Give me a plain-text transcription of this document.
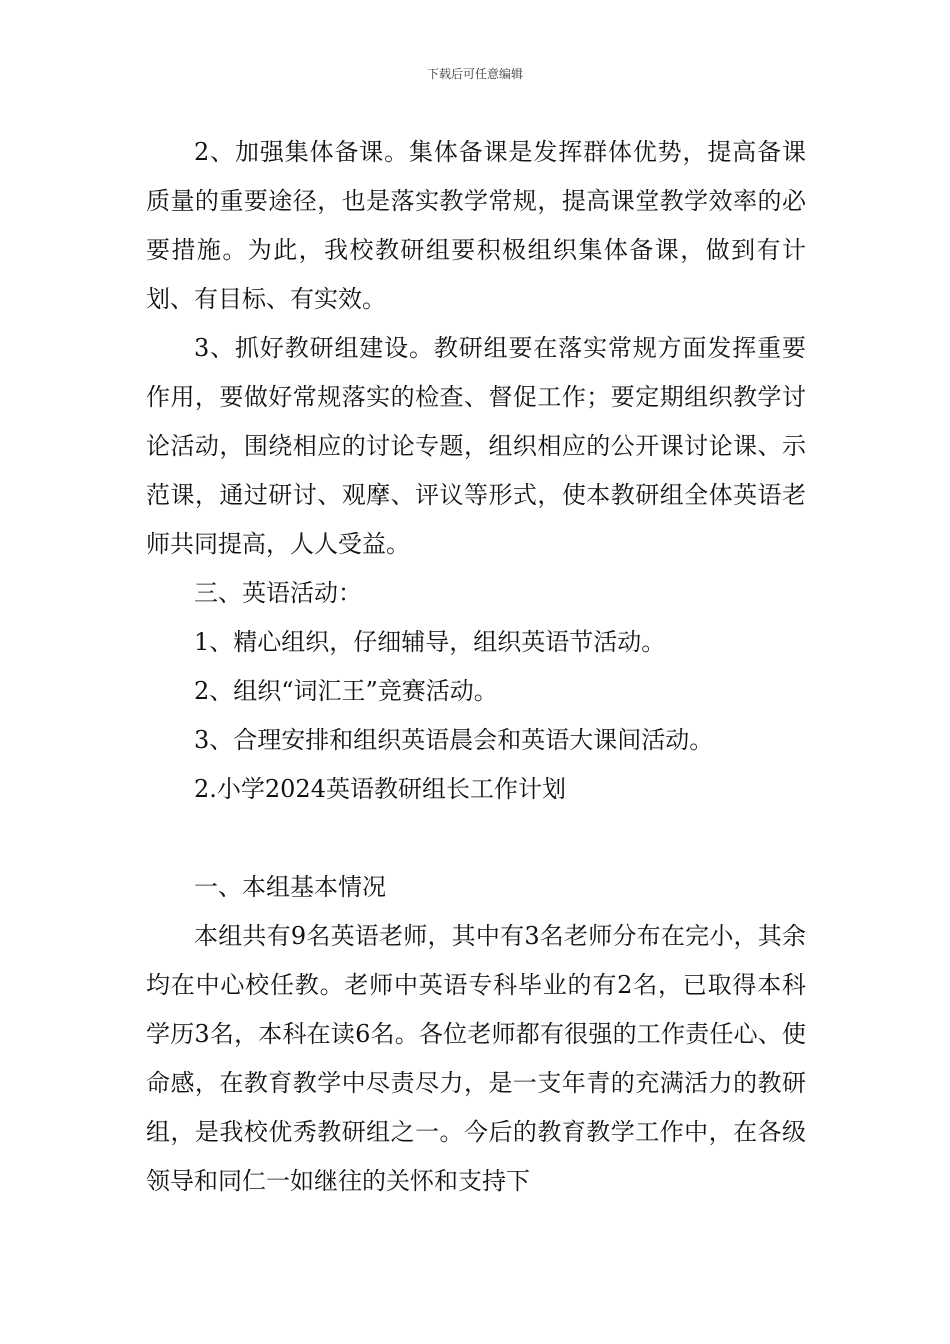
下载后可任意编辑

2、加强集体备课。集体备课是发挥群体优势，提高备课质量的重要途径，也是落实教学常规，提高课堂教学效率的必要措施。为此，我校教研组要积极组织集体备课，做到有计划、有目标、有实效。

3、抓好教研组建设。教研组要在落实常规方面发挥重要作用，要做好常规落实的检查、督促工作；要定期组织教学讨论活动，围绕相应的讨论专题，组织相应的公开课讨论课、示范课，通过研讨、观摩、评议等形式，使本教研组全体英语老师共同提高，人人受益。

三、英语活动：

1、精心组织，仔细辅导，组织英语节活动。

2、组织“词汇王”竞赛活动。

3、合理安排和组织英语晨会和英语大课间活动。

2.小学2024英语教研组长工作计划

一、本组基本情况

本组共有9名英语老师，其中有3名老师分布在完小，其余均在中心校任教。老师中英语专科毕业的有2名，已取得本科学历3名，本科在读6名。各位老师都有很强的工作责任心、使命感，在教育教学中尽责尽力，是一支年青的充满活力的教研组，是我校优秀教研组之一。今后的教育教学工作中，在各级领导和同仁一如继往的关怀和支持下
